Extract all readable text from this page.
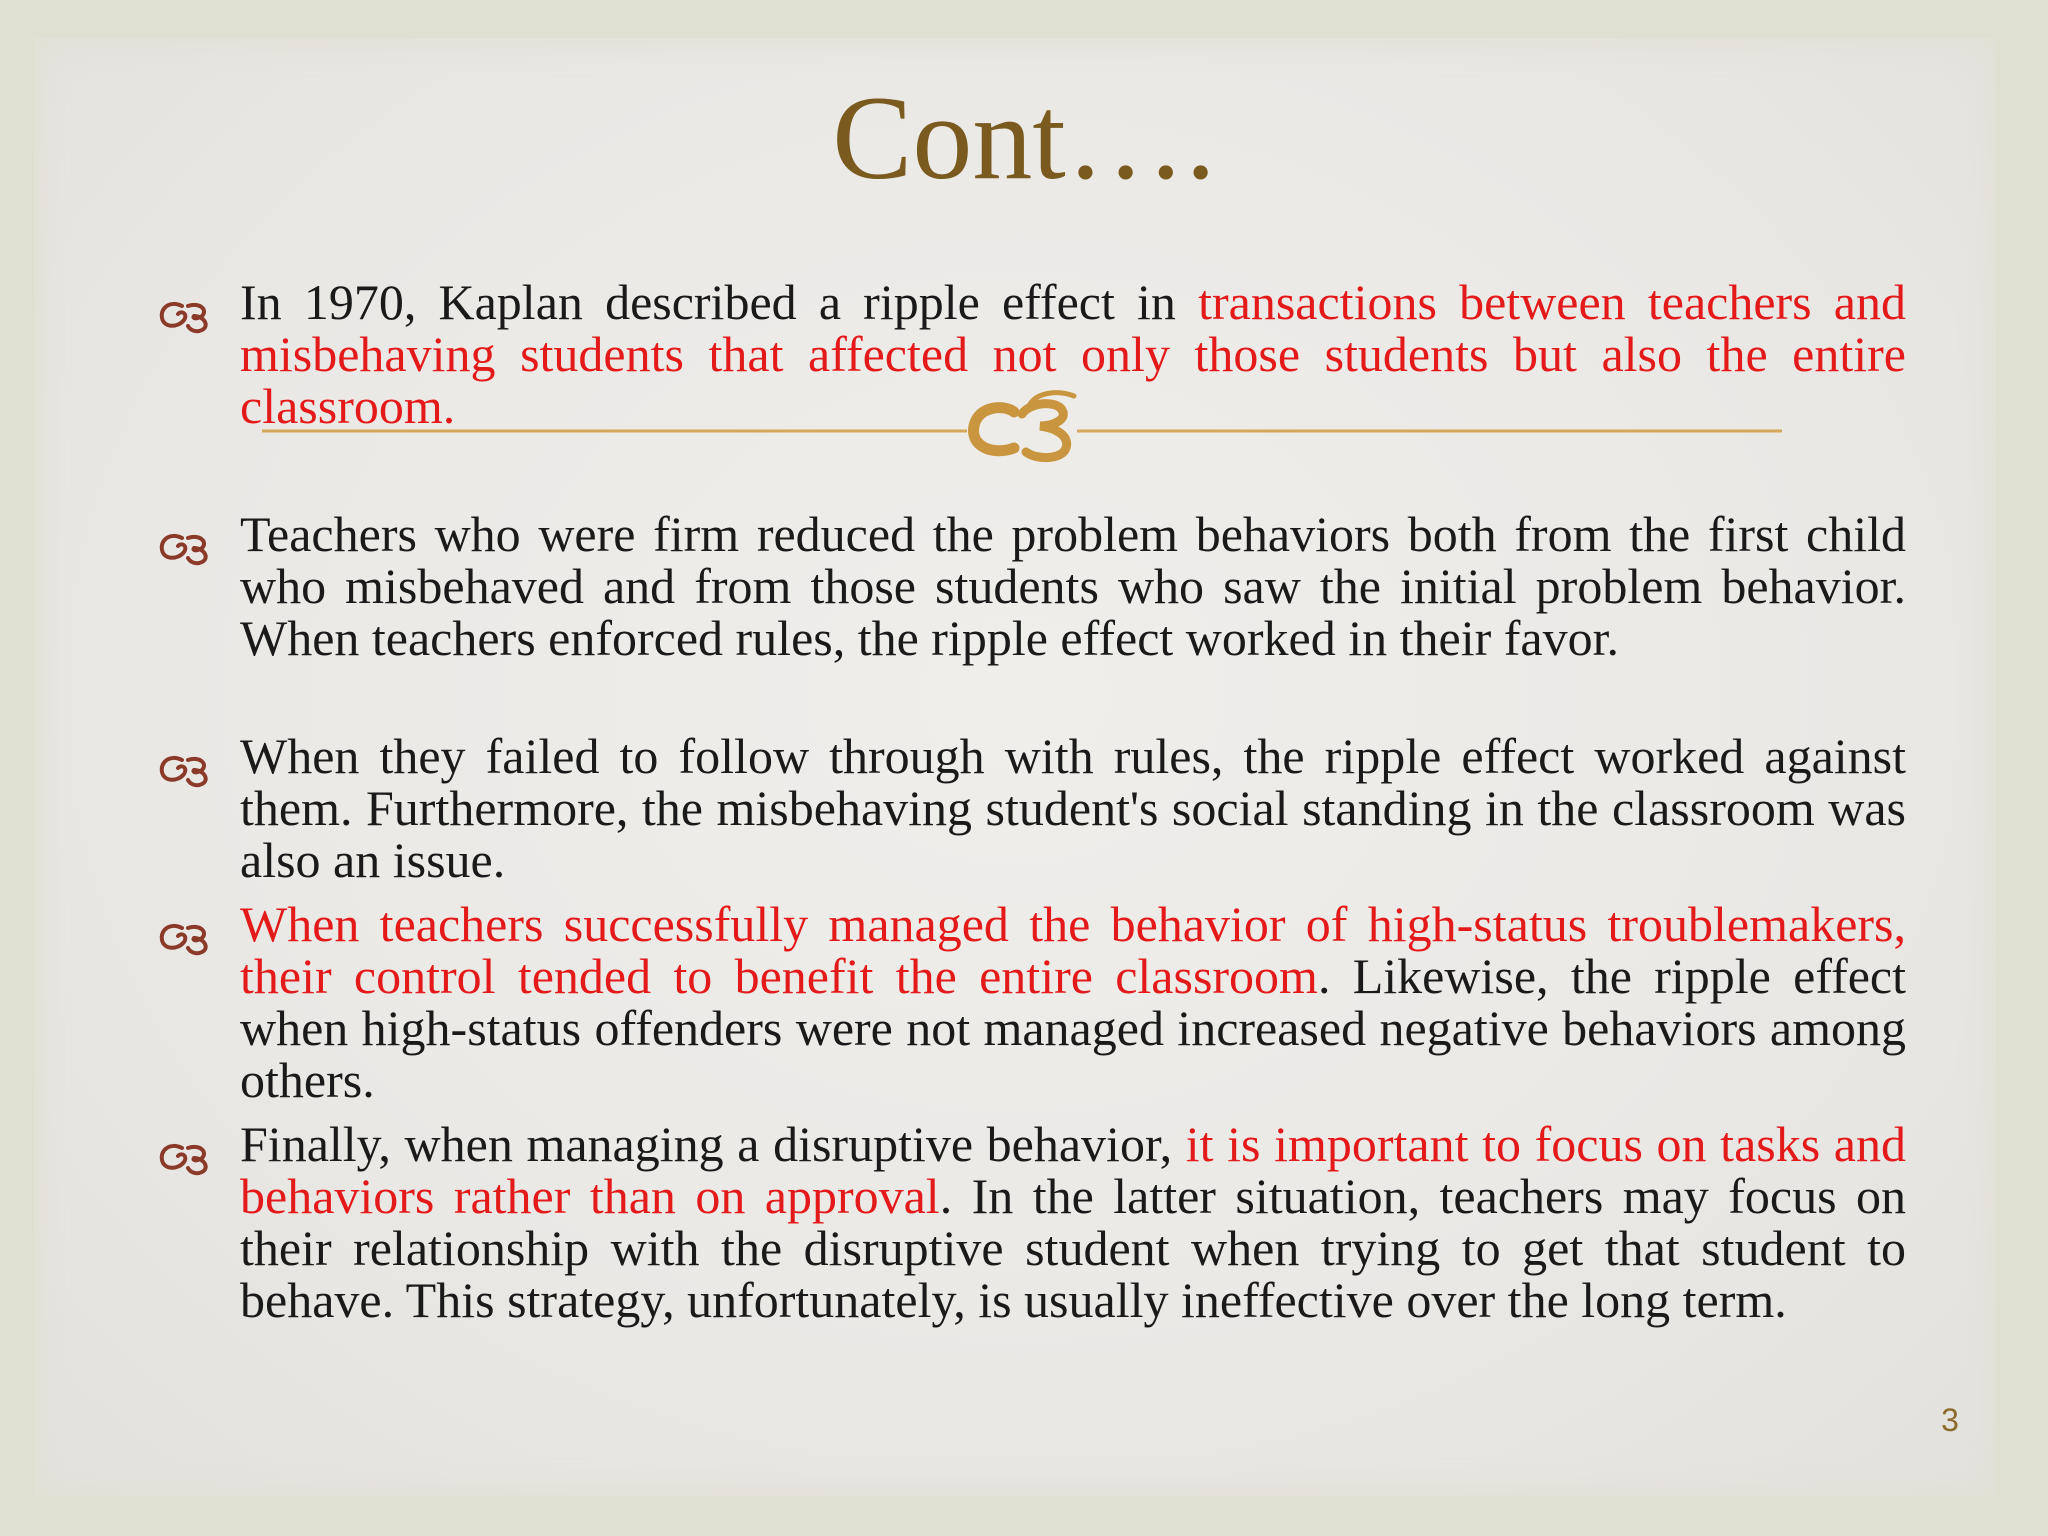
Cont….
In 1970, Kaplan described a ripple effect in transactions between teachers and misbehaving students that affected not only those students but also the entire classroom.
Teachers who were firm reduced the problem behaviors both from the first child who misbehaved and from those students who saw the initial problem behavior. When teachers enforced rules, the ripple effect worked in their favor.
When they failed to follow through with rules, the ripple effect worked against them. Furthermore, the misbehaving student's social standing in the classroom was also an issue.
When teachers successfully managed the behavior of high-status troublemakers, their control tended to benefit the entire classroom. Likewise, the ripple effect when high-status offenders were not managed increased negative behaviors among others.
Finally, when managing a disruptive behavior, it is important to focus on tasks and behaviors rather than on approval. In the latter situation, teachers may focus on their relationship with the disruptive student when trying to get that student to behave. This strategy, unfortunately, is usually ineffective over the long term.
3
